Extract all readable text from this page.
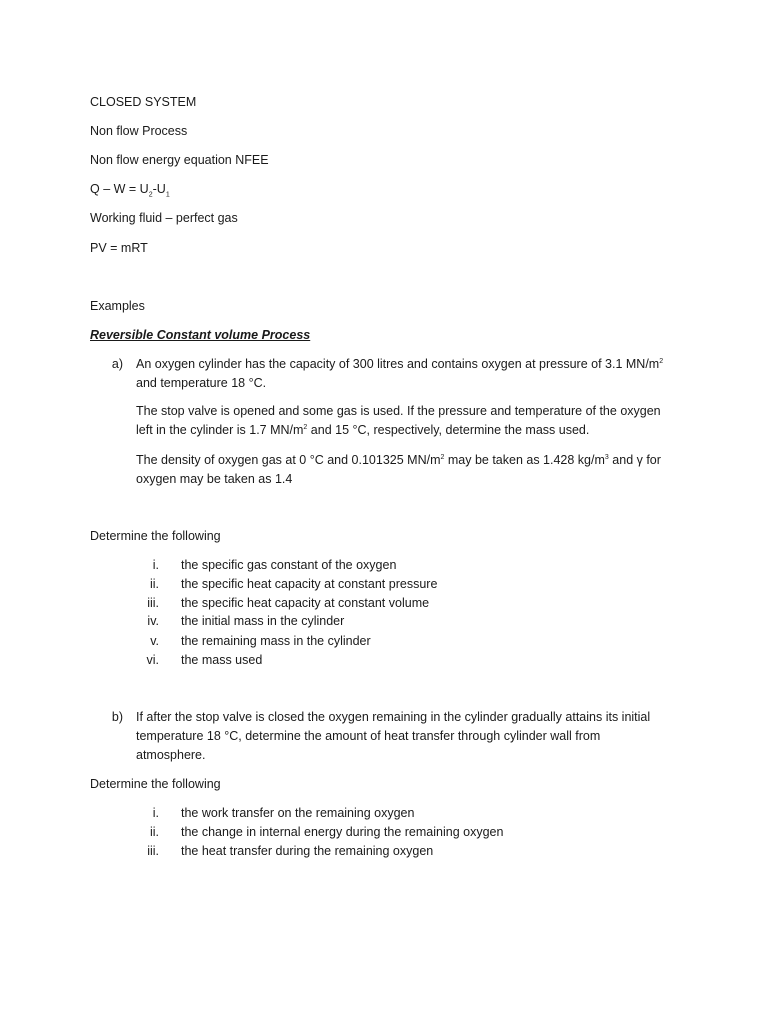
CLOSED SYSTEM
Non flow Process
Non flow energy equation NFEE
$Q - W = U_2-U_1$
Working fluid – perfect gas
PV = mRT
Examples
Reversible Constant volume Process
a) An oxygen cylinder has the capacity of 300 litres and contains oxygen at pressure of 3.1 $MN/m^2$
and temperature 18 °C.
The stop valve is opened and some gas is used. If the pressure and temperature of the oxygen
left in the cylinder is 1.7 $MN/m^2$ and 15 °C, respectively, determine the mass used.
The density of oxygen gas at 0 °C and 0.101325 $MN/m^2$ may be taken as 1.428 $kg/m^3$ and γ for
oxygen may be taken as 1.4
Determine the following
i. the specific gas constant of the oxygen
ii. the specific heat capacity at constant pressure
iii. the specific heat capacity at constant volume
iv. the initial mass in the cylinder
v. the remaining mass in the cylinder
vi. the mass used
b) If after the stop valve is closed the oxygen remaining in the cylinder gradually attains its initial
temperature 18 °C, determine the amount of heat transfer through cylinder wall from
atmosphere.
Determine the following
i. the work transfer on the remaining oxygen
ii. the change in internal energy during the remaining oxygen
iii. the heat transfer during the remaining oxygen
